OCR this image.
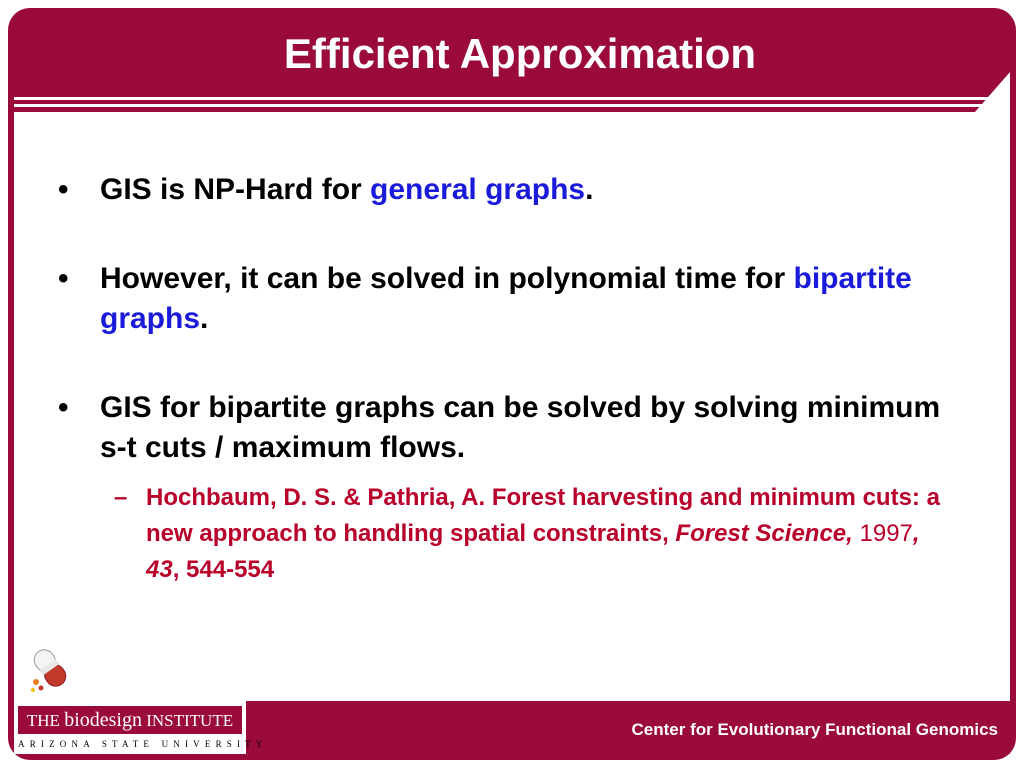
Efficient Approximation
• GIS is NP-Hard for general graphs.
• However, it can be solved in polynomial time for bipartite graphs.
• GIS for bipartite graphs can be solved by solving minimum s-t cuts / maximum flows.
– Hochbaum, D. S. & Pathria, A. Forest harvesting and minimum cuts: a new approach to handling spatial constraints, Forest Science, 1997, 43, 544-554
Center for Evolutionary Functional Genomics
THE biodesign INSTITUTE
ARIZONA STATE UNIVERSITY
